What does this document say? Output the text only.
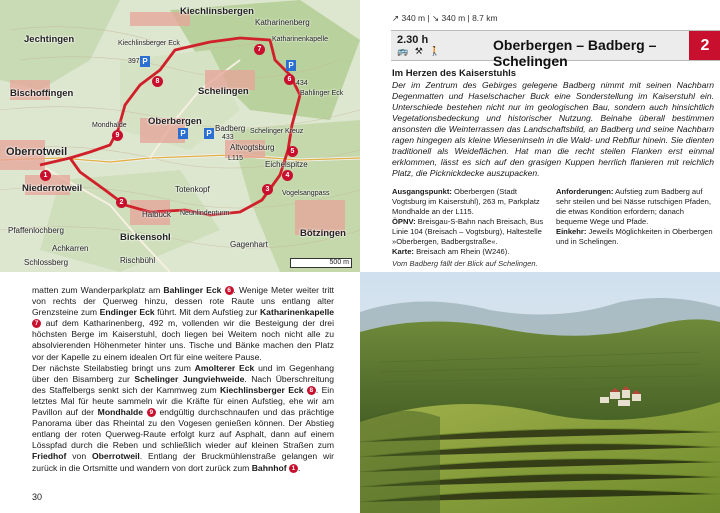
Kiechlinsbergen
Jechtingen
Katharinenberg
Katharinenkapelle
Kiechlinsberger Eck
397
Bischoffingen
Mondhalde
Schelingen
434
Bahlinger Eck
Oberbergen
Badberg
433
Schelinger Kreuz
Altvogtsburg
Oberrotweil
L115
Niederrotweil	Totenkopf
Eichelspitze
Vogelsangpass
Halbuck Neunlindenturm
Pfaffenlochberg
Achkarren
Bickensohl
Schlossberg	Rischbühl
Gagenhart
Bötzingen
1
2
3
4
5
6
7
8
9
P	P
P	P
500 m
↗ 340 m | ↘ 340 m | 8.7 km
2.30 h
🚌 ⚒ 🚶	Oberbergen – Badberg – Schelingen
2
Im Herzen des Kaiserstuhls

Der im Zentrum des Gebirges gelegene Badberg nimmt mit seinen Nachbarn Degenmatten und Haselschacher Buck eine Sonderstellung im Kaiserstuhl ein. Unterschiede bestehen nicht nur im geologischen Bau, sondern auch hinsichtlich Vegetationsbedeckung und historischer Nutzung. Beinahe überall bestimmen ansonsten die Weinterrassen das Landschaftsbild, an Badberg und seine Nachbarn ragen hingegen als kleine Wieseninseln in die Wald- und Rebflur hinein. Sie dienten traditionell als Weideflächen. Hat man die recht steilen Flanken erst einmal erklommen, lässt es sich auf den grasigen Kuppen herrlich flanieren mit reichlich Platz, die Picknickdecke auszupacken.

Ausgangspunkt: Oberbergen (Stadt Vogtsburg im Kaiserstuhl), 263 m, Parkplatz Mondhalde an der L115.
ÖPNV: Breisgau-S-Bahn nach Breisach, Bus Linie 104 (Breisach – Vogtsburg), Haltestelle »Oberbergen, Badbergstraße«.
Karte: Breisach am Rhein (W246).
Anforderungen: Aufstieg zum Badberg auf sehr steilen und bei Nässe rutschigen Pfaden, die etwas Kondition erfordern; danach bequeme Wege und Pfade.
Einkehr: Jeweils Möglichkeiten in Oberbergen und in Schelingen.
Vom Badberg fällt der Blick auf Schelingen.

matten zum Wanderparkplatz am Bahlinger Eck 6 . Wenige Meter weiter tritt von rechts der Querweg hinzu, dessen rote Raute uns entlang alter Grenzsteine zum Endinger Eck führt. Mit dem Aufstieg zur Katharinenkapelle 7 auf dem Katharinenberg, 492 m, vollenden wir die Besteigung der drei höchsten Berge im Kaiserstuhl, doch liegen bei Weitem noch nicht alle zu absolvierenden Höhenmeter hinter uns. Tische und Bänke machen den Platz vor der Kapelle zu einem idealen Ort für eine weitere Pause.
Der nächste Steilabstieg bringt uns zum Amolterer Eck und im Gegenhang über den Bisamberg zur Schelinger Jungviehweide. Nach Überschreitung des Staffelbergs senkt sich der Kammweg zum Kiechlinsberger Eck 8 . Ein letztes Mal für heute sammeln wir die Kräfte für einen Aufstieg, ehe wir am Pavillon auf der Mondhalde 9 endgültig durchschnaufen und das prächtige Panorama über das Rheintal zu den Vogesen genießen können. Der Abstieg entlang der roten Querweg-Raute erfolgt kurz auf Asphalt, dann auf einem Lösspfad durch die Reben und schließlich wieder auf kleinen Straßen zum Friedhof von Oberrotweil. Entlang der Bruckmühlenstraße gelangen wir zurück in die Ortsmitte und wandern von dort zurück zum Bahnhof 1 .

30
